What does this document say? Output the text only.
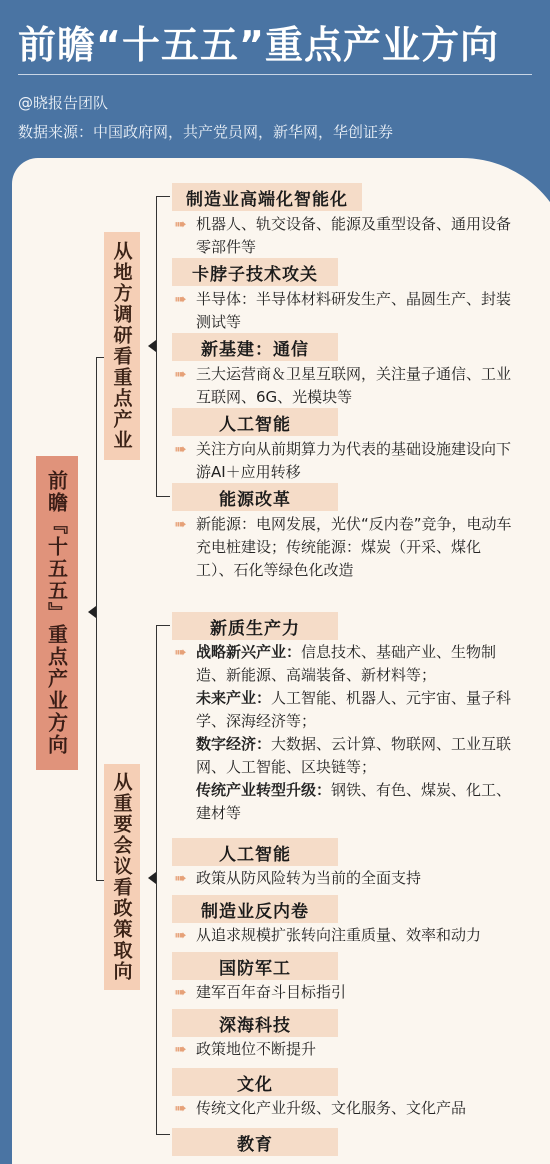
前瞻“十五五”重点产业方向
@晓报告团队
数据来源：中国政府网，共产党员网，新华网，华创证券
前瞻『十五五』重点产业方向
从地方调研看重点产业
从重要会议看政策取向
制造业高端化智能化
➠ 机器人、轨交设备、能源及重型设备、通用设备零部件等
卡脖子技术攻关
➠ 半导体：半导体材料研发生产、晶圆生产、封装测试等
新基建：通信
➠ 三大运营商＆卫星互联网，关注量子通信、工业互联网、6G、光模块等
人工智能
➠ 关注方向从前期算力为代表的基础设施建设向下游AI＋应用转移
能源改革
➠ 新能源：电网发展，光伏“反内卷”竞争，电动车充电桩建设；传统能源：煤炭（开采、煤化工）、石化等绿色化改造
新质生产力
➠ 战略新兴产业：信息技术、基础产业、生物制造、新能源、高端装备、新材料等；
未来产业：人工智能、机器人、元宇宙、量子科学、深海经济等；
数字经济：大数据、云计算、物联网、工业互联网、人工智能、区块链等；
传统产业转型升级：钢铁、有色、煤炭、化工、建材等
人工智能
➠ 政策从防风险转为当前的全面支持
制造业反内卷
➠ 从追求规模扩张转向注重质量、效率和动力
国防军工
➠ 建军百年奋斗目标指引
深海科技
➠ 政策地位不断提升
文化
➠ 传统文化产业升级、文化服务、文化产品
教育
